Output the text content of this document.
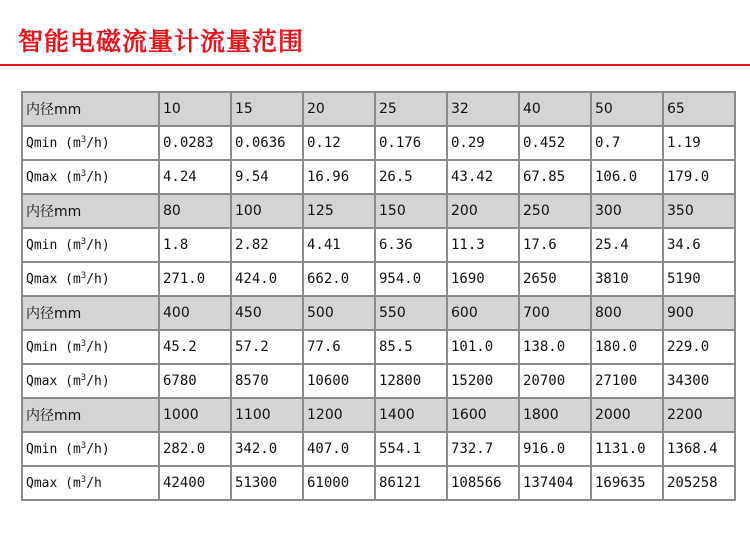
智能电磁流量计流量范围
内径mm	10	15	20	25	32	40	50	65
Qmin $(m^3/h)$	0.0283	0.0636	0.12	0.176	0.29	0.452	0.7	1.19
Qmax $(m^3/h)$	4.24	9.54	16.96	26.5	43.42	67.85	106.0	179.0
内径mm	80	100	125	150	200	250	300	350
Qmin $(m^3/h)$	1.8	2.82	4.41	6.36	11.3	17.6	25.4	34.6
Qmax $(m^3/h)$	271.0	424.0	662.0	954.0	1690	2650	3810	5190
内径mm	400	450	500	550	600	700	800	900
Qmin $(m^3/h)$	45.2	57.2	77.6	85.5	101.0	138.0	180.0	229.0
Qmax $(m^3/h)$	6780	8570	10600	12800	15200	20700	27100	34300
内径mm	1000	1100	1200	1400	1600	1800	2000	2200
Qmin $(m^3/h)$	282.0	342.0	407.0	554.1	732.7	916.0	1131.0	1368.4
Qmax ($m^3/h$	42400	51300	61000	86121	108566	137404	169635	205258
